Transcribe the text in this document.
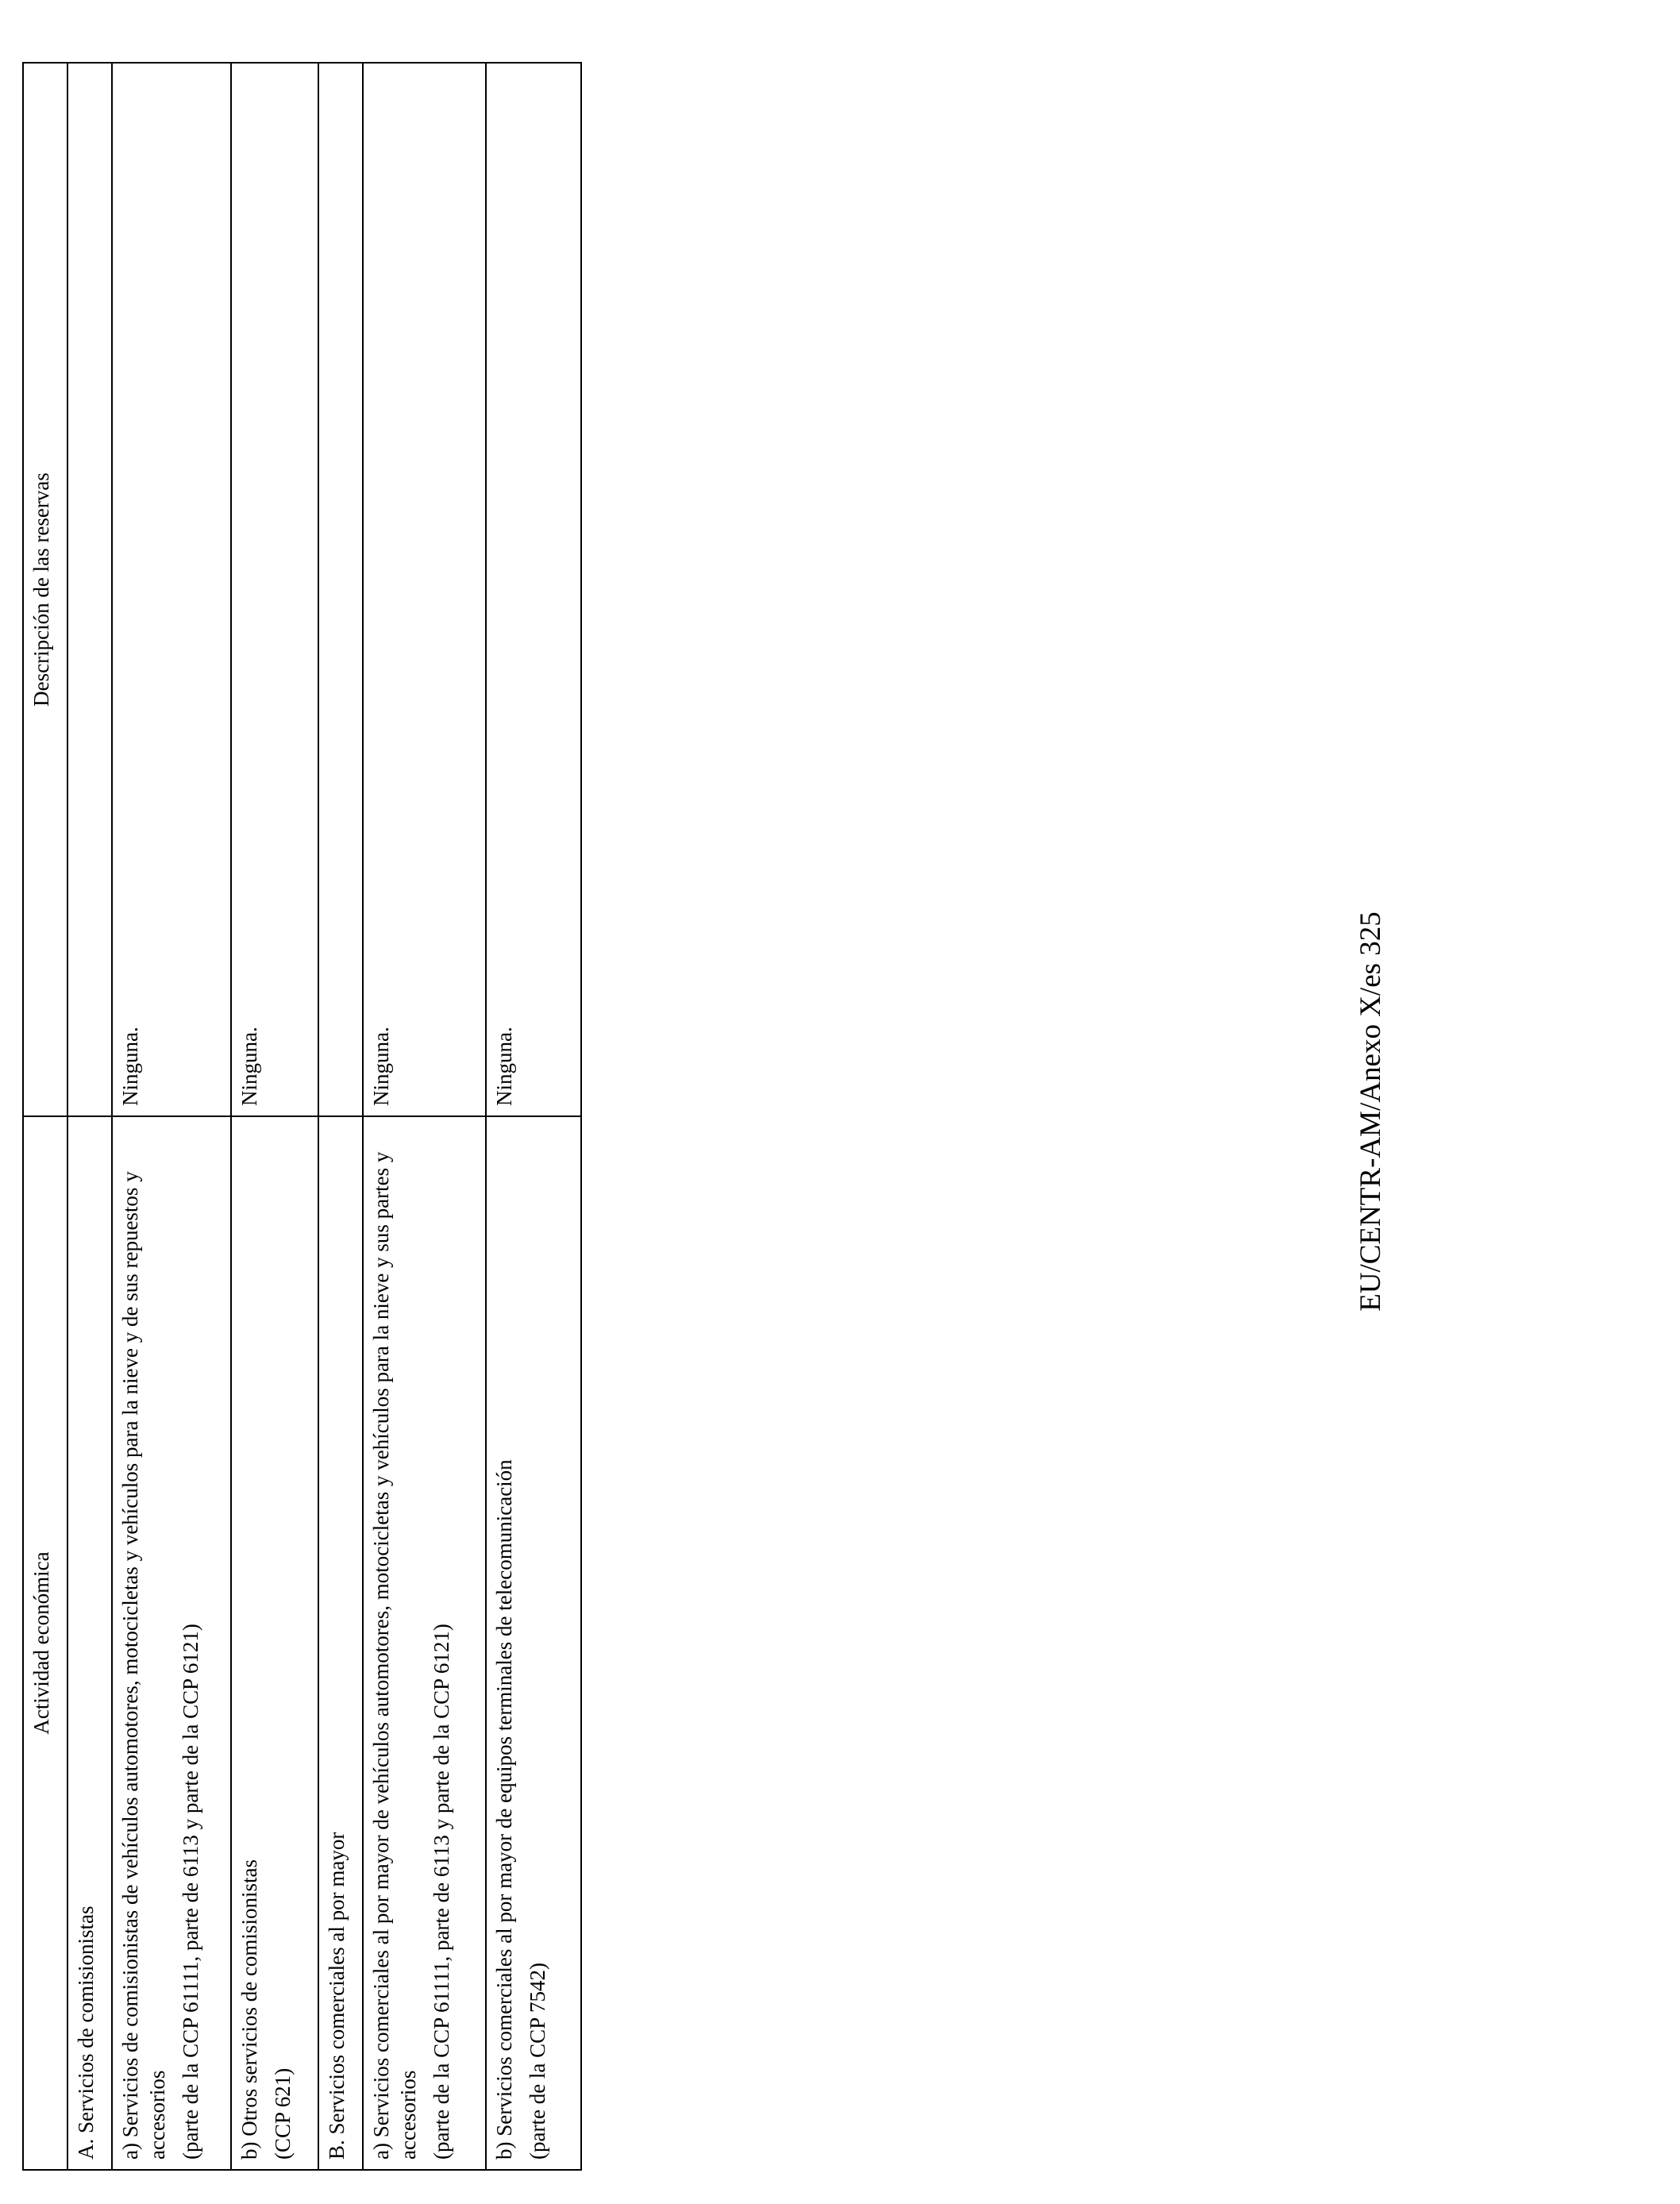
Actividad económica	Descripción de las reservas

A. Servicios de comisionistas	

a) Servicios de comisionistas de vehículos automotores, motocicletas y vehículos para la nieve y de sus repuestos y accesorios (parte de la CCP 61111, parte de 6113 y parte de la CCP 6121)	Ninguna.

b) Otros servicios de comisionistas (CCP 621)	Ninguna.

B. Servicios comerciales al por mayor	

a) Servicios comerciales al por mayor de vehículos automotores, motocicletas y vehículos para la nieve y sus partes y accesorios (parte de la CCP 61111, parte de 6113 y parte de la CCP 6121)	Ninguna.

b) Servicios comerciales al por mayor de equipos terminales de telecomunicación (parte de la CCP 7542)	Ninguna.	EU/CENTR-AM/Anexo X/es 325
